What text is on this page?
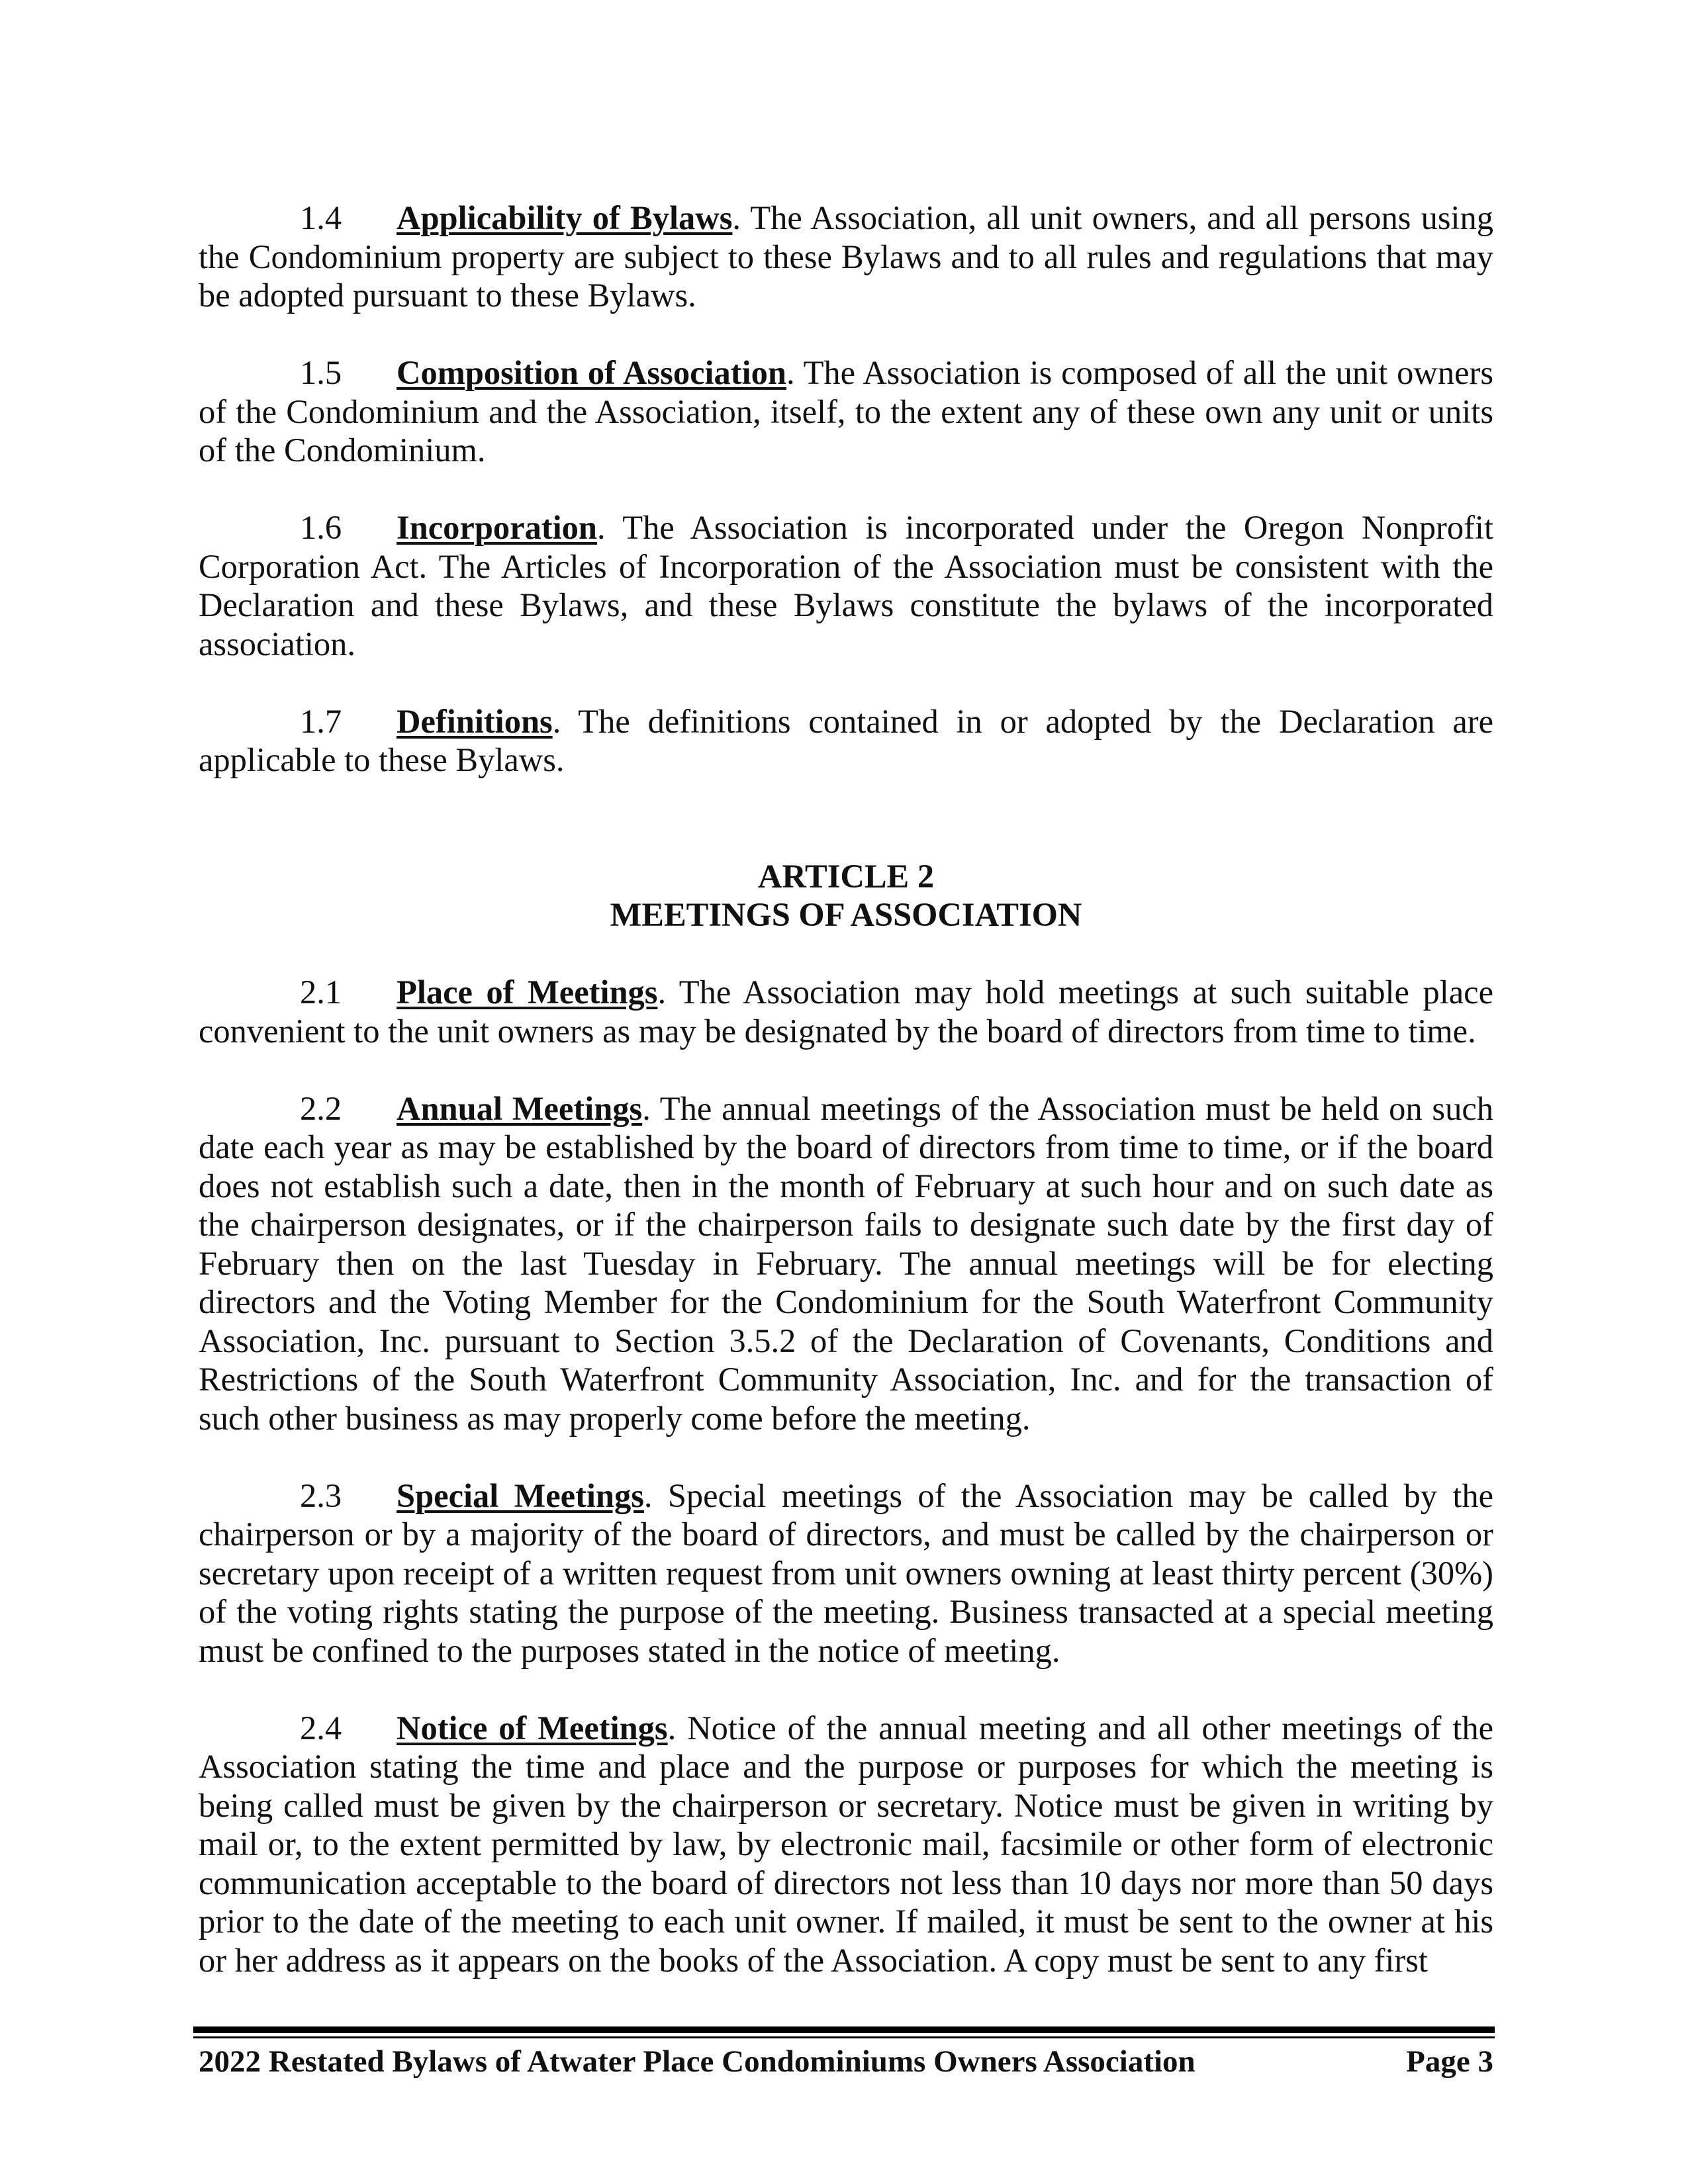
1.4 Applicability of Bylaws. The Association, all unit owners, and all persons using the Condominium property are subject to these Bylaws and to all rules and regulations that may be adopted pursuant to these Bylaws.

1.5 Composition of Association. The Association is composed of all the unit owners of the Condominium and the Association, itself, to the extent any of these own any unit or units of the Condominium.

1.6 Incorporation. The Association is incorporated under the Oregon Nonprofit Corporation Act. The Articles of Incorporation of the Association must be consistent with the Declaration and these Bylaws, and these Bylaws constitute the bylaws of the incorporated association.

1.7 Definitions. The definitions contained in or adopted by the Declaration are applicable to these Bylaws.

ARTICLE 2
MEETINGS OF ASSOCIATION

2.1 Place of Meetings. The Association may hold meetings at such suitable place convenient to the unit owners as may be designated by the board of directors from time to time.

2.2 Annual Meetings. The annual meetings of the Association must be held on such date each year as may be established by the board of directors from time to time, or if the board does not establish such a date, then in the month of February at such hour and on such date as the chairperson designates, or if the chairperson fails to designate such date by the first day of February then on the last Tuesday in February. The annual meetings will be for electing directors and the Voting Member for the Condominium for the South Waterfront Community Association, Inc. pursuant to Section 3.5.2 of the Declaration of Covenants, Conditions and Restrictions of the South Waterfront Community Association, Inc. and for the transaction of such other business as may properly come before the meeting.

2.3 Special Meetings. Special meetings of the Association may be called by the chairperson or by a majority of the board of directors, and must be called by the chairperson or secretary upon receipt of a written request from unit owners owning at least thirty percent (30%) of the voting rights stating the purpose of the meeting. Business transacted at a special meeting must be confined to the purposes stated in the notice of meeting.

2.4 Notice of Meetings. Notice of the annual meeting and all other meetings of the Association stating the time and place and the purpose or purposes for which the meeting is being called must be given by the chairperson or secretary. Notice must be given in writing by mail or, to the extent permitted by law, by electronic mail, facsimile or other form of electronic communication acceptable to the board of directors not less than 10 days nor more than 50 days prior to the date of the meeting to each unit owner. If mailed, it must be sent to the owner at his or her address as it appears on the books of the Association. A copy must be sent to any first

2022 Restated Bylaws of Atwater Place Condominiums Owners Association	Page 3
